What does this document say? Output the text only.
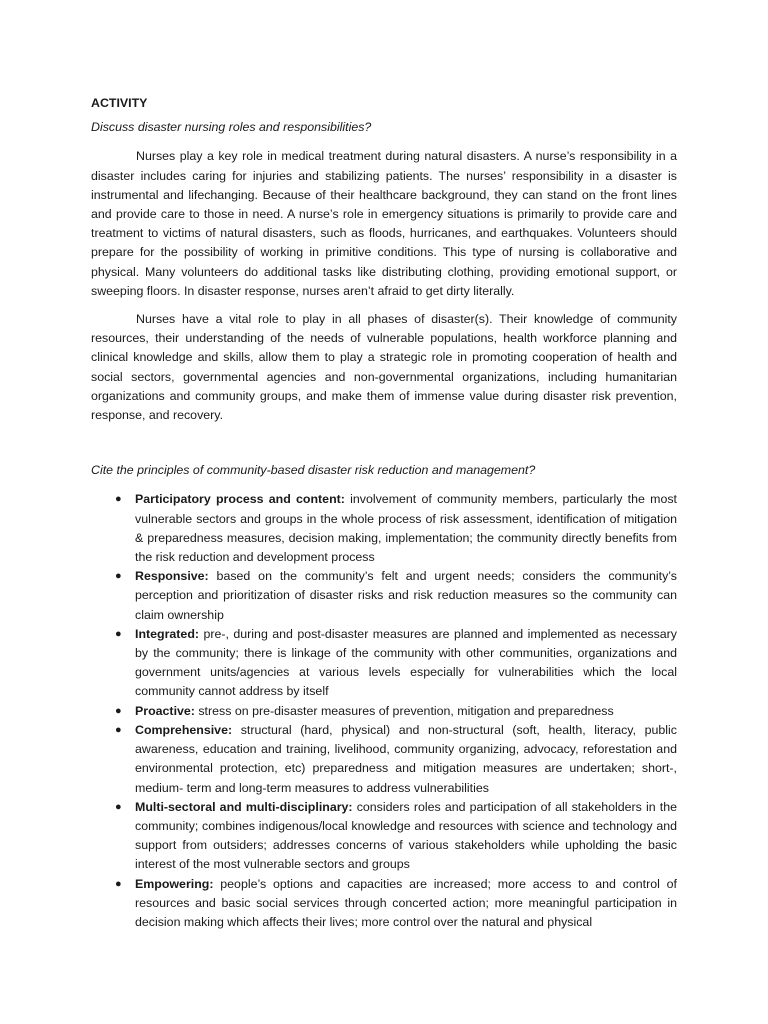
ACTIVITY
Discuss disaster nursing roles and responsibilities?

Nurses play a key role in medical treatment during natural disasters. A nurse’s responsibility in a disaster includes caring for injuries and stabilizing patients. The nurses’ responsibility in a disaster is instrumental and lifechanging. Because of their healthcare background, they can stand on the front lines and provide care to those in need. A nurse’s role in emergency situations is primarily to provide care and treatment to victims of natural disasters, such as floods, hurricanes, and earthquakes. Volunteers should prepare for the possibility of working in primitive conditions. This type of nursing is collaborative and physical. Many volunteers do additional tasks like distributing clothing, providing emotional support, or sweeping floors. In disaster response, nurses aren’t afraid to get dirty literally.

Nurses have a vital role to play in all phases of disaster(s). Their knowledge of community resources, their understanding of the needs of vulnerable populations, health workforce planning and clinical knowledge and skills, allow them to play a strategic role in promoting cooperation of health and social sectors, governmental agencies and non-governmental organizations, including humanitarian organizations and community groups, and make them of immense value during disaster risk prevention, response, and recovery.

Cite the principles of community-based disaster risk reduction and management?
● Participatory process and content: involvement of community members, particularly the most vulnerable sectors and groups in the whole process of risk assessment, identification of mitigation & preparedness measures, decision making, implementation; the community directly benefits from the risk reduction and development process
● Responsive: based on the community’s felt and urgent needs; considers the community’s perception and prioritization of disaster risks and risk reduction measures so the community can claim ownership
● Integrated: pre-, during and post-disaster measures are planned and implemented as necessary by the community; there is linkage of the community with other communities, organizations and government units/agencies at various levels especially for vulnerabilities which the local community cannot address by itself
● Proactive: stress on pre-disaster measures of prevention, mitigation and preparedness
● Comprehensive: structural (hard, physical) and non-structural (soft, health, literacy, public awareness, education and training, livelihood, community organizing, advocacy, reforestation and environmental protection, etc) preparedness and mitigation measures are undertaken; short-, medium- term and long-term measures to address vulnerabilities
● Multi-sectoral and multi-disciplinary: considers roles and participation of all stakeholders in the community; combines indigenous/local knowledge and resources with science and technology and support from outsiders; addresses concerns of various stakeholders while upholding the basic interest of the most vulnerable sectors and groups
● Empowering: people’s options and capacities are increased; more access to and control of resources and basic social services through concerted action; more meaningful participation in decision making which affects their lives; more control over the natural and physical
